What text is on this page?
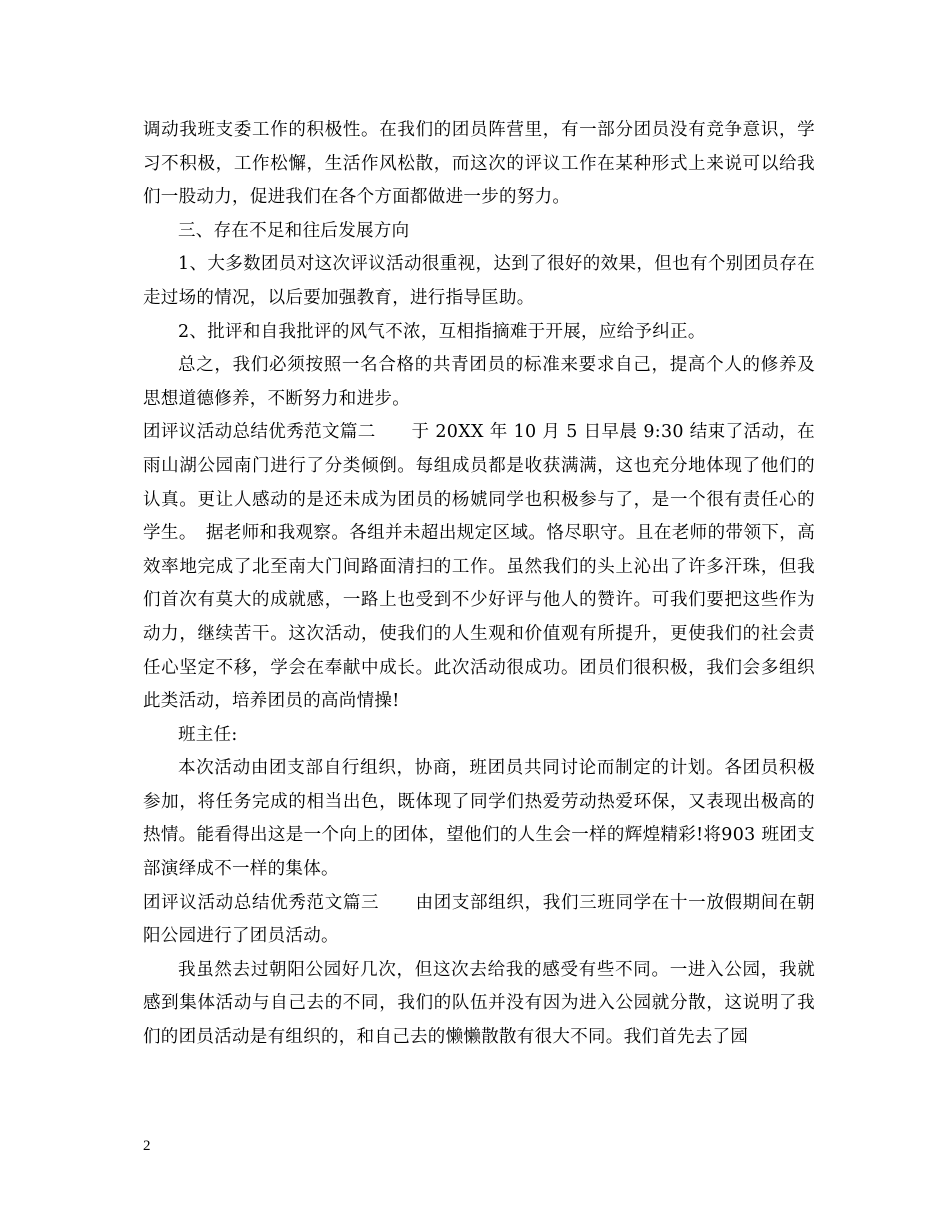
调动我班支委工作的积极性。在我们的团员阵营里，有一部分团员没有竞争意识，学习不积极，工作松懈，生活作风松散，而这次的评议工作在某种形式上来说可以给我们一股动力，促进我们在各个方面都做进一步的努力。

三、存在不足和往后发展方向

1、大多数团员对这次评议活动很重视，达到了很好的效果，但也有个别团员存在走过场的情况，以后要加强教育，进行指导匡助。

2、批评和自我批评的风气不浓，互相指摘难于开展，应给予纠正。

总之，我们必须按照一名合格的共青团员的标准来要求自己，提高个人的修养及思想道德修养，不断努力和进步。

团评议活动总结优秀范文篇二　　于 20XX 年 10 月 5 日早晨 9:30 结束了活动，在雨山湖公园南门进行了分类倾倒。每组成员都是收获满满，这也充分地体现了他们的认真。更让人感动的是还未成为团员的杨婋同学也积极参与了，是一个很有责任心的学生。　据老师和我观察。各组并未超出规定区域。恪尽职守。且在老师的带领下，高效率地完成了北至南大门间路面清扫的工作。虽然我们的头上沁出了许多汗珠，但我们首次有莫大的成就感，一路上也受到不少好评与他人的赞许。可我们要把这些作为动力，继续苦干。这次活动，使我们的人生观和价值观有所提升，更使我们的社会责任心坚定不移，学会在奉献中成长。此次活动很成功。团员们很积极，我们会多组织此类活动，培养团员的高尚情操!

班主任:

本次活动由团支部自行组织，协商，班团员共同讨论而制定的计划。各团员积极参加，将任务完成的相当出色，既体现了同学们热爱劳动热爱环保，又表现出极高的热情。能看得出这是一个向上的团体，望他们的人生会一样的辉煌精彩!将903 班团支部演绎成不一样的集体。

团评议活动总结优秀范文篇三　　由团支部组织，我们三班同学在十一放假期间在朝阳公园进行了团员活动。

我虽然去过朝阳公园好几次，但这次去给我的感受有些不同。一进入公园，我就感到集体活动与自己去的不同，我们的队伍并没有因为进入公园就分散，这说明了我们的团员活动是有组织的，和自己去的懒懒散散有很大不同。我们首先去了园

2
